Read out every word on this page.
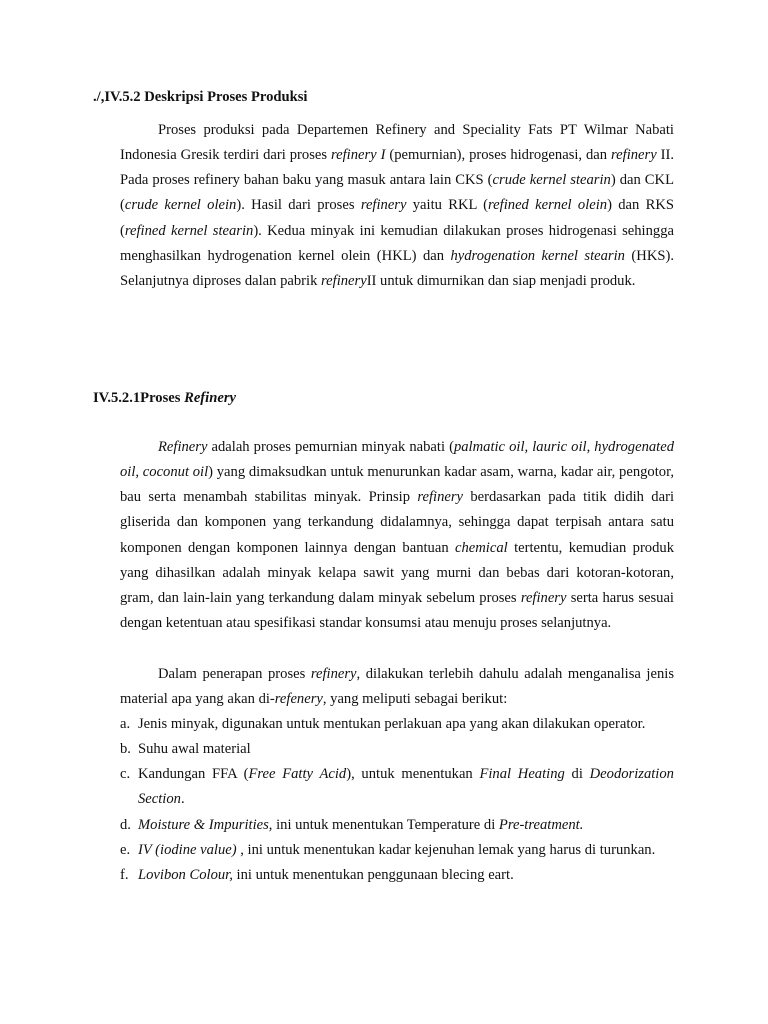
./,IV.5.2 Deskripsi Proses Produksi

Proses produksi pada Departemen Refinery and Speciality Fats PT Wilmar Nabati Indonesia Gresik terdiri dari proses refinery I (pemurnian), proses hidrogenasi, dan refinery II. Pada proses refinery bahan baku yang masuk antara lain CKS (crude kernel stearin) dan CKL (crude kernel olein). Hasil dari proses refinery yaitu RKL (refined kernel olein) dan RKS (refined kernel stearin). Kedua minyak ini kemudian dilakukan proses hidrogenasi sehingga menghasilkan hydrogenation kernel olein (HKL) dan hydrogenation kernel stearin (HKS). Selanjutnya diproses dalan pabrik refineryII untuk dimurnikan dan siap menjadi produk.

IV.5.2.1Proses Refinery

Refinery adalah proses pemurnian minyak nabati (palmatic oil, lauric oil, hydrogenated oil, coconut oil) yang dimaksudkan untuk menurunkan kadar asam, warna, kadar air, pengotor, bau serta menambah stabilitas minyak. Prinsip refinery berdasarkan pada titik didih dari gliserida dan komponen yang terkandung didalamnya, sehingga dapat terpisah antara satu komponen dengan komponen lainnya dengan bantuan chemical tertentu, kemudian produk yang dihasilkan adalah minyak kelapa sawit yang murni dan bebas dari kotoran-kotoran, gram, dan lain-lain yang terkandung dalam minyak sebelum proses refinery serta harus sesuai dengan ketentuan atau spesifikasi standar konsumsi atau menuju proses selanjutnya.

Dalam penerapan proses refinery, dilakukan terlebih dahulu adalah menganalisa jenis material apa yang akan di-refenery, yang meliputi sebagai berikut:

a. Jenis minyak, digunakan untuk mentukan perlakuan apa yang akan dilakukan operator.
b. Suhu awal material
c. Kandungan FFA (Free Fatty Acid), untuk menentukan Final Heating di Deodorization Section.
d. Moisture & Impurities, ini untuk menentukan Temperature di Pre-treatment.
e. IV (iodine value) , ini untuk menentukan kadar kejenuhan lemak yang harus di turunkan.
f. Lovibon Colour, ini untuk menentukan penggunaan blecing eart.
